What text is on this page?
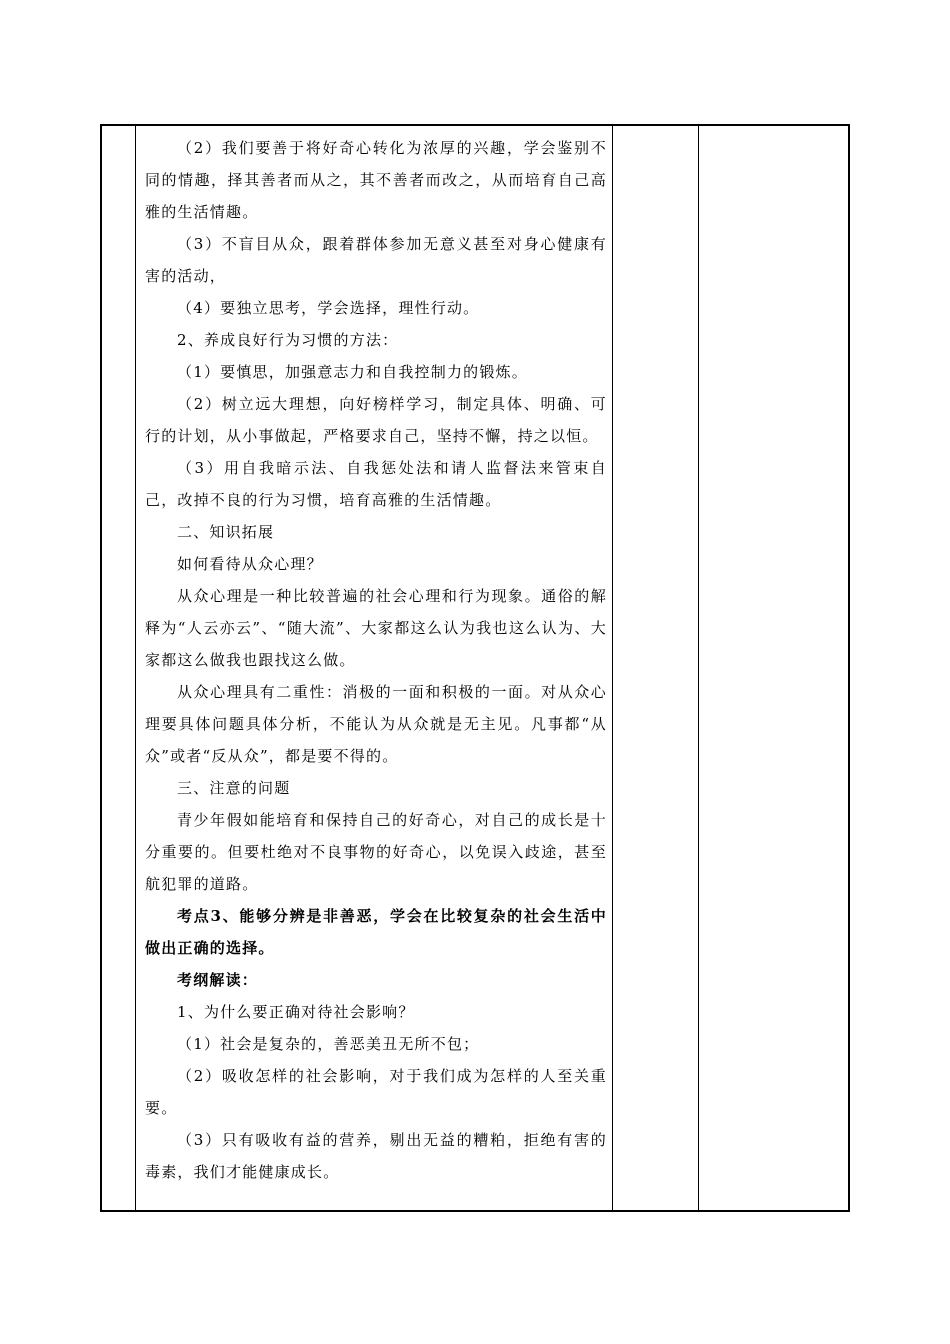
（2）我们要善于将好奇心转化为浓厚的兴趣，学会鉴别不同的情趣，择其善者而从之，其不善者而改之，从而培育自己高雅的生活情趣。

（3）不盲目从众，跟着群体参加无意义甚至对身心健康有害的活动，

（4）要独立思考，学会选择，理性行动。

2、养成良好行为习惯的方法：

（1）要慎思，加强意志力和自我控制力的锻炼。

（2）树立远大理想，向好榜样学习，制定具体、明确、可行的计划，从小事做起，严格要求自己，坚持不懈，持之以恒。

（3）用自我暗示法、自我惩处法和请人监督法来管束自己，改掉不良的行为习惯，培育高雅的生活情趣。

二、知识拓展

如何看待从众心理？

从众心理是一种比较普遍的社会心理和行为现象。通俗的解释为“人云亦云”、“随大流”、大家都这么认为我也这么认为、大家都这么做我也跟找这么做。

从众心理具有二重性：消极的一面和积极的一面。对从众心理要具体问题具体分析，不能认为从众就是无主见。凡事都“从众”或者“反从众”，都是要不得的。

三、注意的问题

青少年假如能培育和保持自己的好奇心，对自己的成长是十分重要的。但要杜绝对不良事物的好奇心，以免误入歧途，甚至航犯罪的道路。

考点3、能够分辨是非善恶，学会在比较复杂的社会生活中做出正确的选择。

考纲解读：

1、为什么要正确对待社会影响？

（1）社会是复杂的，善恶美丑无所不包；

（2）吸收怎样的社会影响，对于我们成为怎样的人至关重要。

（3）只有吸收有益的营养，剔出无益的糟粕，拒绝有害的毒素，我们才能健康成长。
